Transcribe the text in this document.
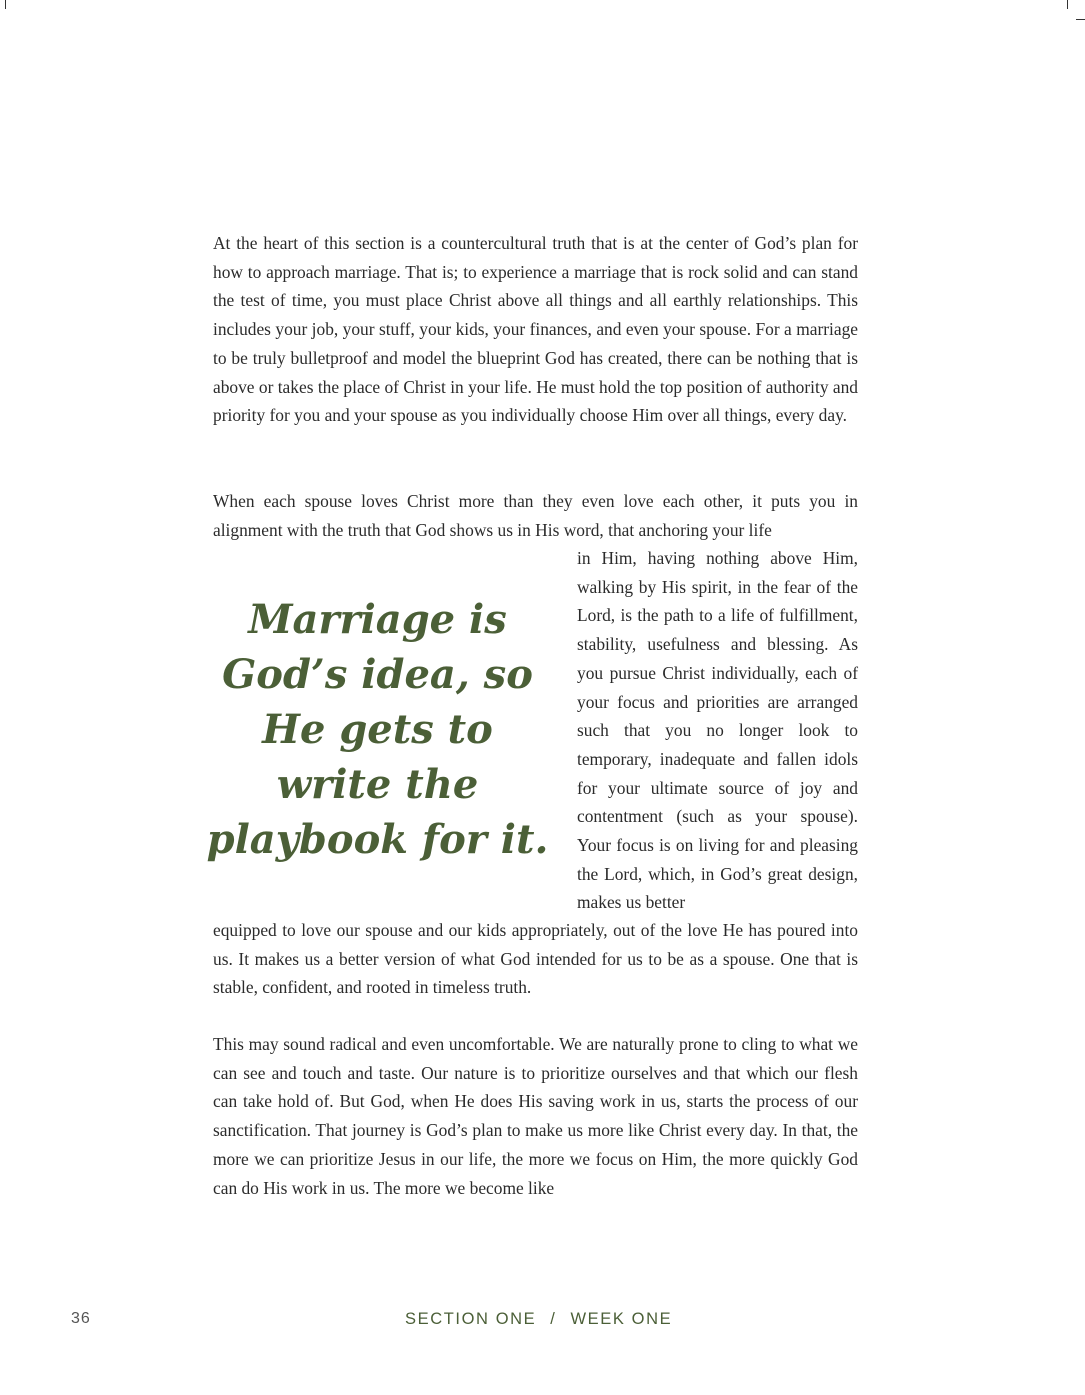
At the heart of this section is a countercultural truth that is at the center of God’s plan for how to approach marriage. That is; to experience a marriage that is rock solid and can stand the test of time, you must place Christ above all things and all earthly relationships. This includes your job, your stuff, your kids, your finances, and even your spouse. For a marriage to be truly bulletproof and model the blueprint God has created, there can be nothing that is above or takes the place of Christ in your life. He must hold the top position of authority and priority for you and your spouse as you individually choose Him over all things, every day.

When each spouse loves Christ more than they even love each other, it puts you in alignment with the truth that God shows us in His word, that anchoring your life

Marriage is God’s idea, so He gets to write the playbook for it.

in Him, having nothing above Him, walking by His spirit, in the fear of the Lord, is the path to a life of fulfillment, stability, usefulness and blessing. As you pursue Christ individually, each of your focus and priorities are arranged such that you no longer look to temporary, inadequate and fallen idols for your ultimate source of joy and contentment (such as your spouse). Your focus is on living for and pleasing the Lord, which, in God’s great design, makes us better

equipped to love our spouse and our kids appropriately, out of the love He has poured into us. It makes us a better version of what God intended for us to be as a spouse. One that is stable, confident, and rooted in timeless truth.

This may sound radical and even uncomfortable. We are naturally prone to cling to what we can see and touch and taste. Our nature is to prioritize ourselves and that which our flesh can take hold of. But God, when He does His saving work in us, starts the process of our sanctification. That journey is God’s plan to make us more like Christ every day. In that, the more we can prioritize Jesus in our life, the more we focus on Him, the more quickly God can do His work in us. The more we become like

36	SECTION ONE / WEEK ONE
